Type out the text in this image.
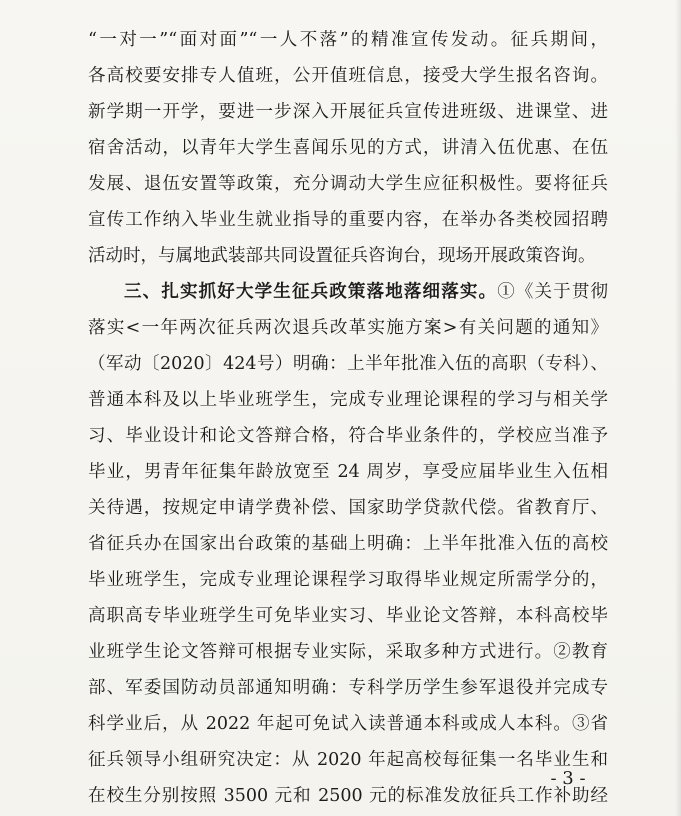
“一对一”“面对面”“一人不落”的精准宣传发动。征兵期间，
各高校要安排专人值班，公开值班信息，接受大学生报名咨询。
新学期一开学，要进一步深入开展征兵宣传进班级、进课堂、进
宿舍活动，以青年大学生喜闻乐见的方式，讲清入伍优惠、在伍
发展、退伍安置等政策，充分调动大学生应征积极性。要将征兵
宣传工作纳入毕业生就业指导的重要内容，在举办各类校园招聘
活动时，与属地武装部共同设置征兵咨询台，现场开展政策咨询。
三、扎实抓好大学生征兵政策落地落细落实。①《关于贯彻
落实<一年两次征兵两次退兵改革实施方案>有关问题的通知》
（军动〔2020〕424号）明确：上半年批准入伍的高职（专科）、
普通本科及以上毕业班学生，完成专业理论课程的学习与相关学
习、毕业设计和论文答辩合格，符合毕业条件的，学校应当准予
毕业，男青年征集年龄放宽至 24 周岁，享受应届毕业生入伍相
关待遇，按规定申请学费补偿、国家助学贷款代偿。省教育厅、
省征兵办在国家出台政策的基础上明确：上半年批准入伍的高校
毕业班学生，完成专业理论课程学习取得毕业规定所需学分的，
高职高专毕业班学生可免毕业实习、毕业论文答辩，本科高校毕
业班学生论文答辩可根据专业实际，采取多种方式进行。②教育
部、军委国防动员部通知明确：专科学历学生参军退役并完成专
科学业后，从 2022 年起可免试入读普通本科或成人本科。③省
征兵领导小组研究决定：从 2020 年起高校每征集一名毕业生和
在校生分别按照 3500 元和 2500 元的标准发放征兵工作补助经
- 3 -
